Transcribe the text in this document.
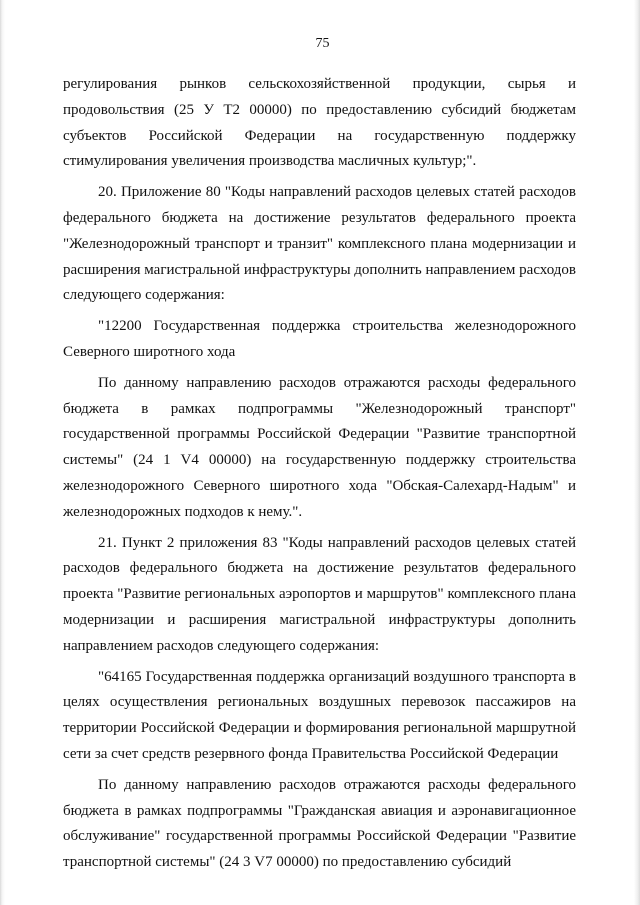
75
регулирования рынков сельскохозяйственной продукции, сырья и
продовольствия (25 У Т2 00000) по предоставлению субсидий бюджетам
субъектов Российской Федерации на государственную поддержку
стимулирования увеличения производства масличных культур;".
20. Приложение 80 "Коды направлений расходов целевых статей расходов
федерального бюджета на достижение результатов федерального проекта
"Железнодорожный транспорт и транзит" комплексного плана модернизации и
расширения магистральной инфраструктуры дополнить направлением расходов
следующего содержания:
"12200 Государственная поддержка строительства железнодорожного
Северного широтного хода
По данному направлению расходов отражаются расходы федерального
бюджета в рамках подпрограммы "Железнодорожный транспорт"
государственной программы Российской Федерации "Развитие транспортной
системы" (24 1 V4 00000) на государственную поддержку строительства
железнодорожного Северного широтного хода "Обская-Салехард-Надым" и
железнодорожных подходов к нему.".
21. Пункт 2 приложения 83 "Коды направлений расходов целевых статей
расходов федерального бюджета на достижение результатов федерального
проекта "Развитие региональных аэропортов и маршрутов" комплексного плана
модернизации и расширения магистральной инфраструктуры дополнить
направлением расходов следующего содержания:
"64165 Государственная поддержка организаций воздушного транспорта в
целях осуществления региональных воздушных перевозок пассажиров на
территории Российской Федерации и формирования региональной маршрутной
сети за счет средств резервного фонда Правительства Российской Федерации
По данному направлению расходов отражаются расходы федерального
бюджета в рамках подпрограммы "Гражданская авиация и аэронавигационное
обслуживание" государственной программы Российской Федерации "Развитие
транспортной системы" (24 3 V7 00000) по предоставлению субсидий
